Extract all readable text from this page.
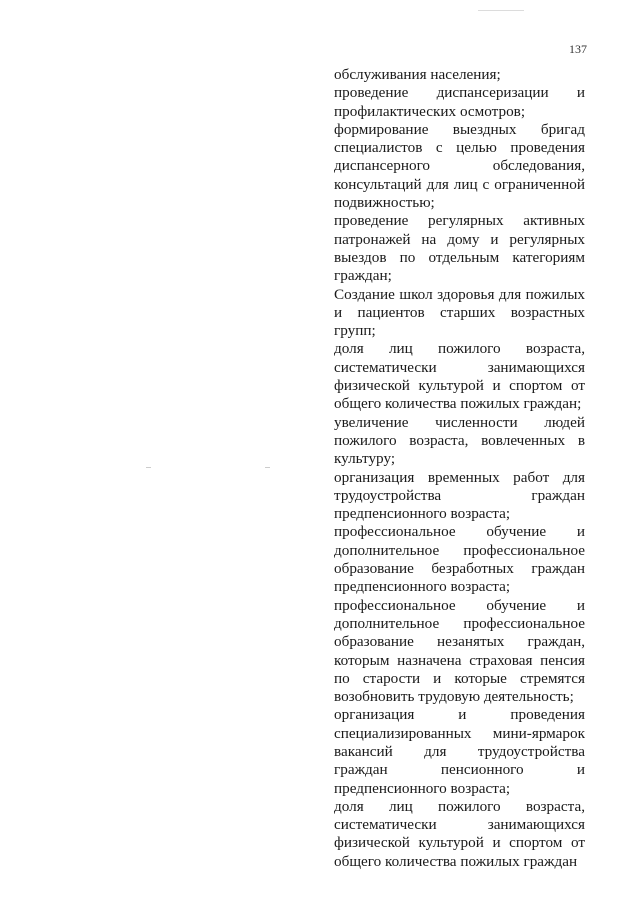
137

обслуживания населения;

проведение диспансеризации и профилактических осмотров;

формирование выездных бригад специалистов с целью проведения диспансерного обследования, консультаций для лиц с ограниченной подвижностью;

проведение регулярных активных патронажей на дому и регулярных выездов по отдельным категориям граждан;

Создание школ здоровья для пожилых и пациентов старших возрастных групп;

доля лиц пожилого возраста, систематически занимающихся физической культурой и спортом от общего количества пожилых граждан;

увеличение численности людей пожилого возраста, вовлеченных в культуру;

организация временных работ для трудоустройства граждан предпенсионного возраста;

профессиональное обучение и дополнительное профессиональное образование безработных граждан предпенсионного возраста;

профессиональное обучение и дополнительное профессиональное образование незанятых граждан, которым назначена страховая пенсия по старости и которые стремятся возобновить трудовую деятельность;

организация и проведения специализированных мини-ярмарок вакансий для трудоустройства граждан пенсионного и предпенсионного возраста;

доля лиц пожилого возраста, систематически занимающихся физической культурой и спортом от общего количества пожилых граждан
